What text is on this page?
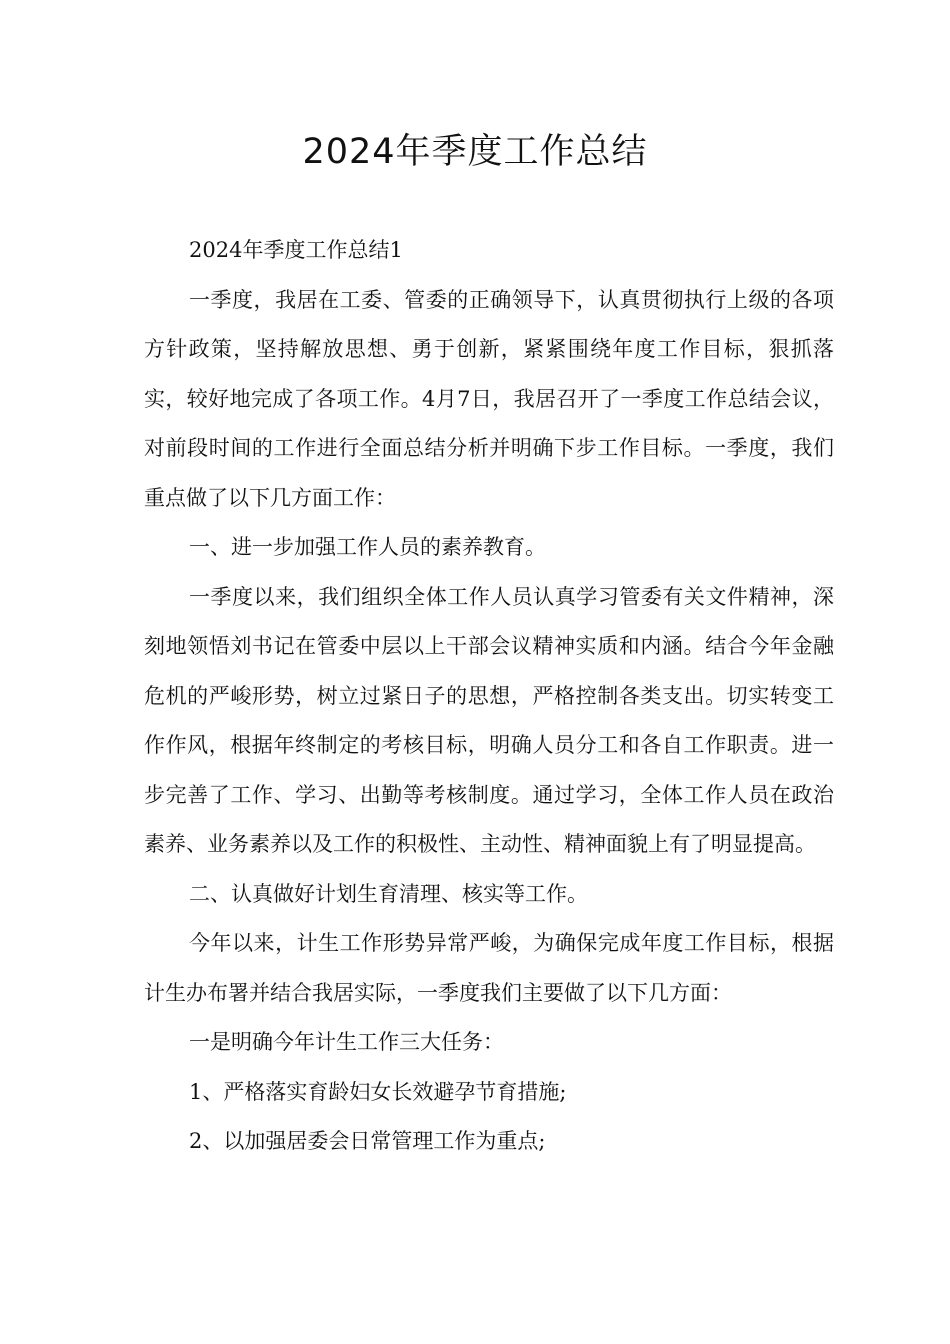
2024年季度工作总结

2024年季度工作总结1

一季度，我居在工委、管委的正确领导下，认真贯彻执行上级的各项方针政策，坚持解放思想、勇于创新，紧紧围绕年度工作目标，狠抓落实，较好地完成了各项工作。4月7日，我居召开了一季度工作总结会议，对前段时间的工作进行全面总结分析并明确下步工作目标。一季度，我们重点做了以下几方面工作：

一、进一步加强工作人员的素养教育。

一季度以来，我们组织全体工作人员认真学习管委有关文件精神，深刻地领悟刘书记在管委中层以上干部会议精神实质和内涵。结合今年金融危机的严峻形势，树立过紧日子的思想，严格控制各类支出。切实转变工作作风，根据年终制定的考核目标，明确人员分工和各自工作职责。进一步完善了工作、学习、出勤等考核制度。通过学习，全体工作人员在政治素养、业务素养以及工作的积极性、主动性、精神面貌上有了明显提高。

二、认真做好计划生育清理、核实等工作。

今年以来，计生工作形势异常严峻，为确保完成年度工作目标，根据计生办布署并结合我居实际，一季度我们主要做了以下几方面：

一是明确今年计生工作三大任务：

1、严格落实育龄妇女长效避孕节育措施;

2、以加强居委会日常管理工作为重点;
